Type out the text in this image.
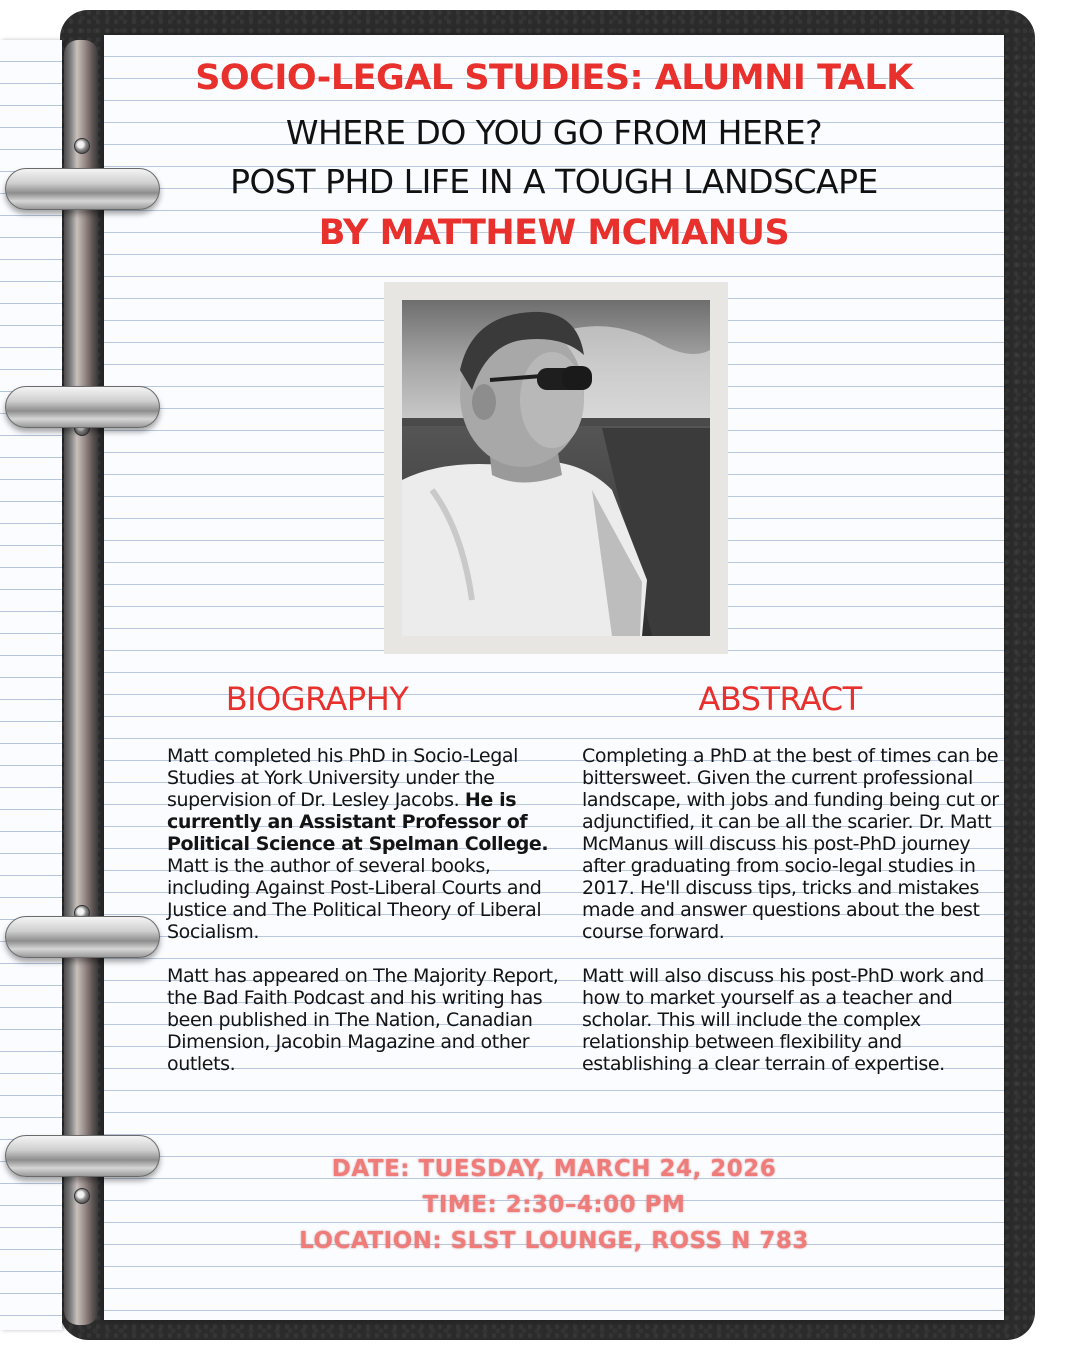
SOCIO-LEGAL STUDIES: ALUMNI TALK
WHERE DO YOU GO FROM HERE?
POST PHD LIFE IN A TOUGH LANDSCAPE
BY MATTHEW MCMANUS
BIOGRAPHY	ABSTRACT

Matt completed his PhD in Socio-Legal Studies at York University under the supervision of Dr. Lesley Jacobs. He is currently an Assistant Professor of Political Science at Spelman College. Matt is the author of several books, including Against Post-Liberal Courts and Justice and The Political Theory of Liberal Socialism.

Matt has appeared on The Majority Report, the Bad Faith Podcast and his writing has been published in The Nation, Canadian Dimension, Jacobin Magazine and other outlets.

Completing a PhD at the best of times can be bittersweet. Given the current professional landscape, with jobs and funding being cut or adjunctified, it can be all the scarier. Dr. Matt McManus will discuss his post-PhD journey after graduating from socio-legal studies in 2017. He'll discuss tips, tricks and mistakes made and answer questions about the best course forward.

Matt will also discuss his post-PhD work and how to market yourself as a teacher and scholar. This will include the complex relationship between flexibility and establishing a clear terrain of expertise.

DATE: TUESDAY, MARCH 24, 2026
TIME: 2:30–4:00 PM
LOCATION: SLST LOUNGE, ROSS N 783
